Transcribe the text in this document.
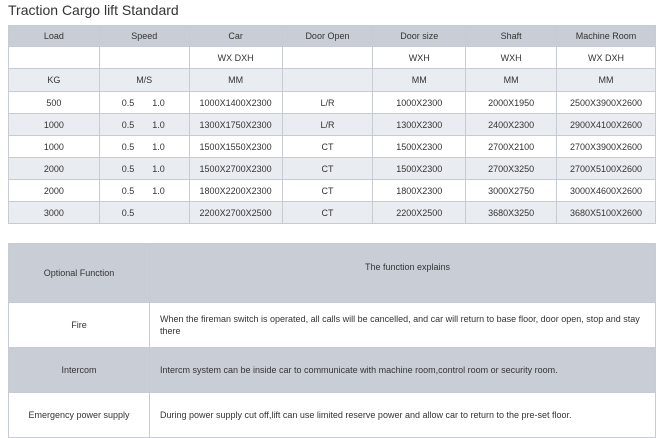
Traction Cargo lift Standard
Load	Speed	Car	Door Open	Door size	Shaft	Machine Room
		WX DXH		WXH	WXH	WX DXH
KG	M/S	MM		MM	MM	MM
500	0.5 1.0	1000X1400X2300	L/R	1000X2300	2000X1950	2500X3900X2600
1000	0.5 1.0	1300X1750X2300	L/R	1300X2300	2400X2300	2900X4100X2600
1000	0.5 1.0	1500X1550X2300	CT	1500X2300	2700X2100	2700X3900X2600
2000	0.5 1.0	1500X2700X2300	CT	1500X2300	2700X3250	2700X5100X2600
2000	0.5 1.0	1800X2200X2300	CT	1800X2300	3000X2750	3000X4600X2600
3000	0.5	2200X2700X2500	CT	2200X2500	3680X3250	3680X5100X2600
Optional Function	The function explains
Fire	When the fireman switch is operated, all calls will be cancelled, and car will return to base floor, door open, stop and stay there
Intercom	Intercm system can be inside car to communicate with machine room,control room or security room.
Emergency power supply	During power supply cut off,lift can use limited reserve power and allow car to return to the pre-set floor.
